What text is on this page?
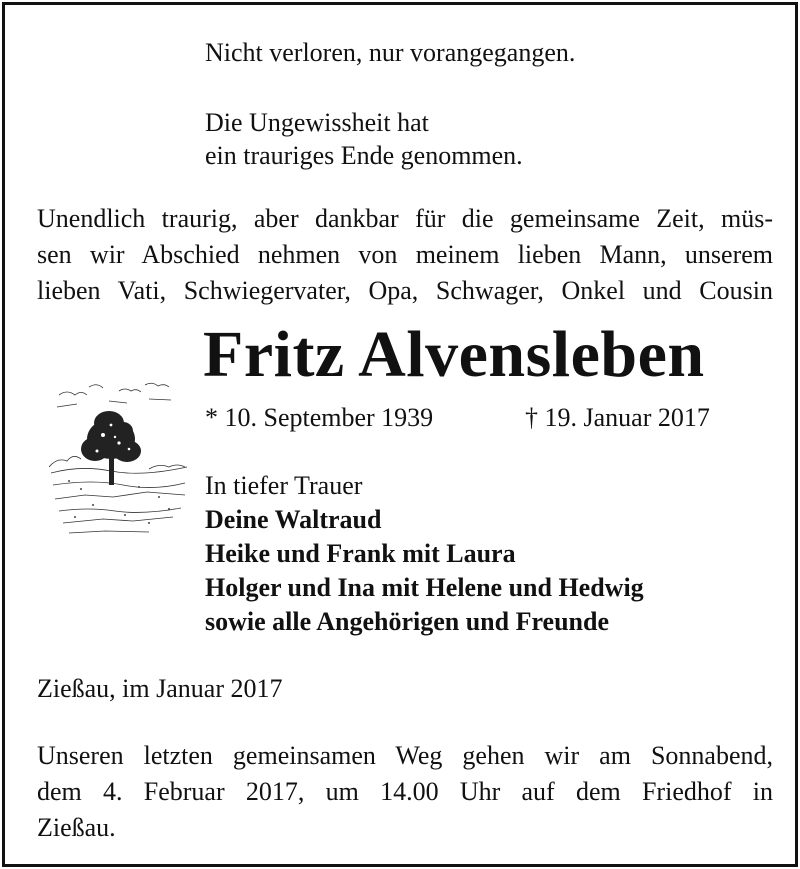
Nicht verloren, nur vorangegangen.
Die Ungewissheit hat
ein trauriges Ende genommen.
Unendlich traurig, aber dankbar für die gemeinsame Zeit, müs-
sen wir Abschied nehmen von meinem lieben Mann, unserem
lieben Vati, Schwiegervater, Opa, Schwager, Onkel und Cousin
Fritz Alvensleben
* 10. September 1939	† 19. Januar 2017
In tiefer Trauer
Deine Waltraud
Heike und Frank mit Laura
Holger und Ina mit Helene und Hedwig
sowie alle Angehörigen und Freunde
Zießau, im Januar 2017
Unseren letzten gemeinsamen Weg gehen wir am Sonnabend,
dem 4. Februar 2017, um 14.00 Uhr auf dem Friedhof in
Zießau.
